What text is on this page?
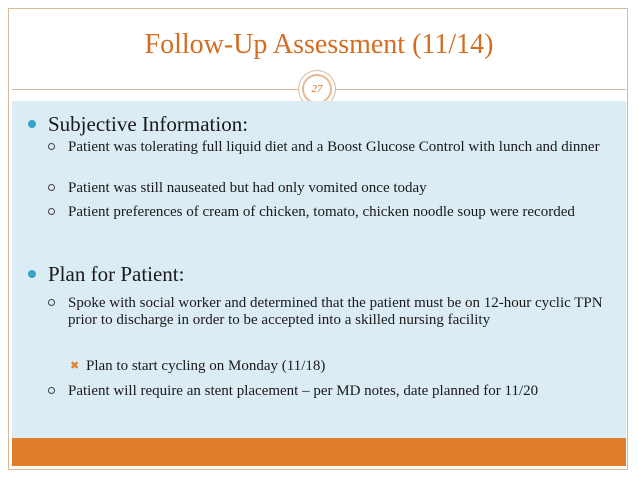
Follow-Up Assessment (11/14)
27
Subjective Information:
Patient was tolerating full liquid diet and a Boost Glucose Control with lunch and dinner
Patient was still nauseated but had only vomited once today
Patient preferences of cream of chicken, tomato, chicken noodle soup were recorded
Plan for Patient:
Spoke with social worker and determined that the patient must be on 12-hour cyclic TPN prior to discharge in order to be accepted into a skilled nursing facility
✖ Plan to start cycling on Monday (11/18)
Patient will require an stent placement – per MD notes, date planned for 11/20
